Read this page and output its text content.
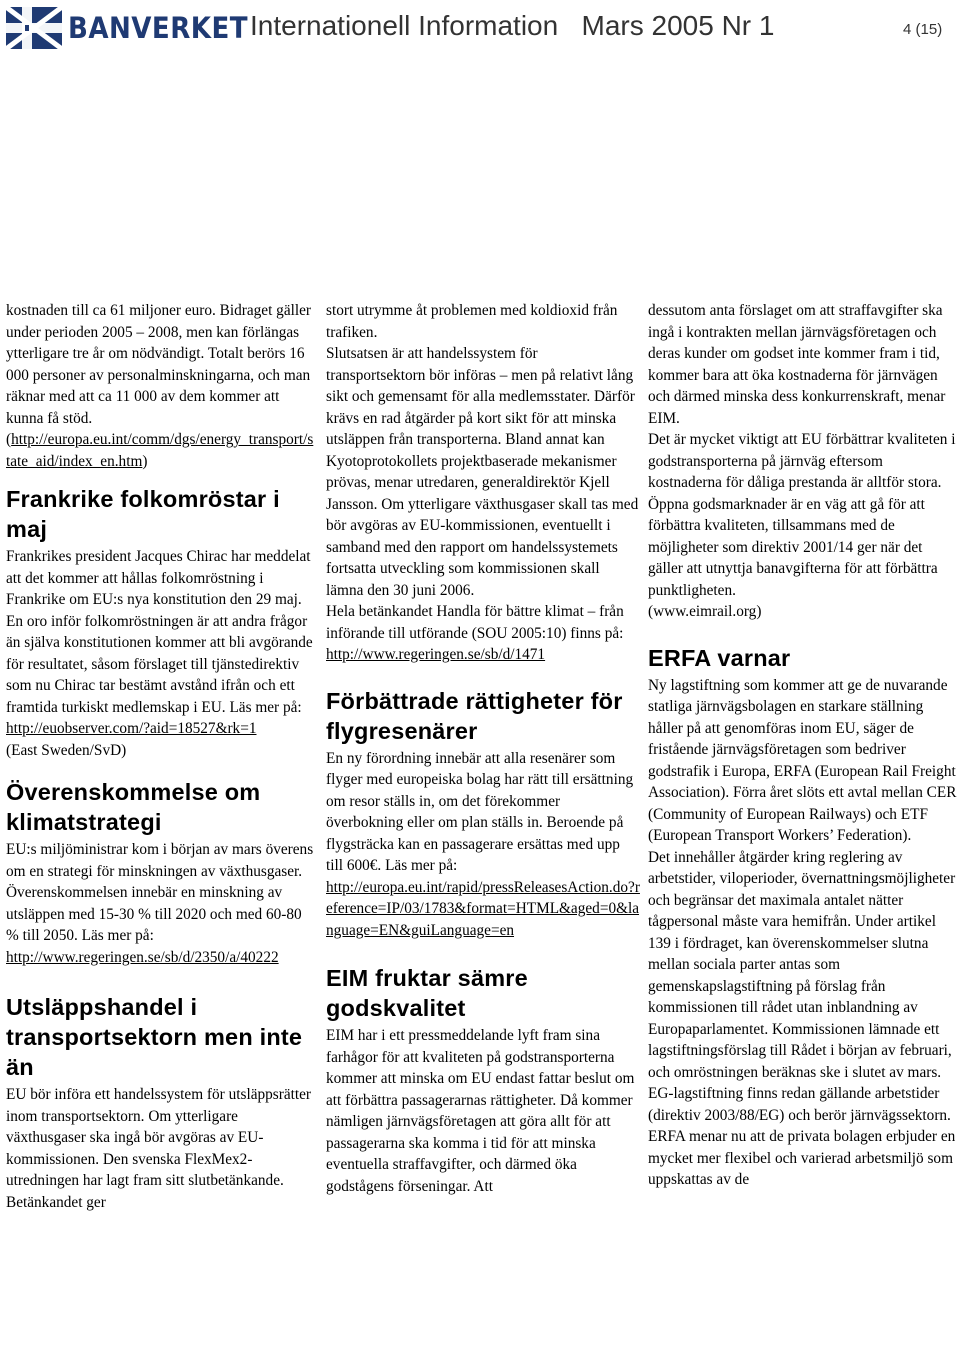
BANVERKET Internationell Information   Mars 2005 Nr 1	4 (15)

kostnaden till ca 61 miljoner euro. Bidraget gäller under perioden 2005 – 2008, men kan förlängas ytterligare tre år om nödvändigt. Totalt berörs 16 000 personer av personalminskningarna, och man räknar med att ca 11 000 av dem kommer att kunna få stöd.
(http://europa.eu.int/comm/dgs/energy_transport/state_aid/index_en.htm)

Frankrike folkomröstar i maj

Frankrikes president Jacques Chirac har meddelat att det kommer att hållas folkomröstning i Frankrike om EU:s nya konstitution den 29 maj. En oro inför folkomröstningen är att andra frågor än själva konstitutionen kommer att bli avgörande för resultatet, såsom förslaget till tjänstedirektiv som nu Chirac tar bestämt avstånd ifrån och ett framtida turkiskt medlemskap i EU. Läs mer på:

http://euobserver.com/?aid=18527&rk=1

(East Sweden/SvD)

Överenskommelse om klimatstrategi

EU:s miljöministrar kom i början av mars överens om en strategi för minskningen av växthusgaser. Överenskommelsen innebär en minskning av utsläppen med 15-30 % till 2020 och med 60-80 % till 2050. Läs mer på:

http://www.regeringen.se/sb/d/2350/a/40222

Utsläppshandel i transportsektorn men inte än

EU bör införa ett handelssystem för utsläppsrätter inom transportsektorn. Om ytterligare växthusgaser ska ingå bör avgöras av EU-kommissionen. Den svenska FlexMex2-utredningen har lagt fram sitt slutbetänkande. Betänkandet ger

stort utrymme åt problemen med koldioxid från trafiken.

Slutsatsen är att handelssystem för transportsektorn bör införas – men på relativt lång sikt och gemensamt för alla medlemsstater. Därför krävs en rad åtgärder på kort sikt för att minska utsläppen från transporterna. Bland annat kan Kyotoprotokollets projektbaserade mekanismer prövas, menar utredaren, generaldirektör Kjell Jansson. Om ytterligare växthusgaser skall tas med bör avgöras av EU-kommissionen, eventuellt i samband med den rapport om handelssystemets fortsatta utveckling som kommissionen skall lämna den 30 juni 2006.

Hela betänkandet Handla för bättre klimat – från införande till utförande (SOU 2005:10) finns på:

http://www.regeringen.se/sb/d/1471

Förbättrade rättigheter för flygresenärer

En ny förordning innebär att alla resenärer som flyger med europeiska bolag har rätt till ersättning om resor ställs in, om det förekommer överbokning eller om plan ställs in. Beroende på flygsträcka kan en passagerare ersättas med upp till 600€. Läs mer på:

http://europa.eu.int/rapid/pressReleasesAction.do?reference=IP/03/1783&format=HTML&aged=0&language=EN&guiLanguage=en

EIM fruktar sämre godskvalitet

EIM har i ett pressmeddelande lyft fram sina farhågor för att kvaliteten på godstransporterna kommer att minska om EU endast fattar beslut om att förbättra passagerarnas rättigheter. Då kommer nämligen järnvägsföretagen att göra allt för att passagerarna ska komma i tid för att minska eventuella straffavgifter, och därmed öka godstågens förseningar. Att

dessutom anta förslaget om att straffavgifter ska ingå i kontrakten mellan järnvägsföretagen och deras kunder om godset inte kommer fram i tid, kommer bara att öka kostnaderna för järnvägen och därmed minska dess konkurrenskraft, menar EIM.

Det är mycket viktigt att EU förbättrar kvaliteten i godstransporterna på järnväg eftersom kostnaderna för dåliga prestanda är alltför stora. Öppna godsmarknader är en väg att gå för att förbättra kvaliteten, tillsammans med de möjligheter som direktiv 2001/14 ger när det gäller att utnyttja banavgifterna för att förbättra punktligheten.

(www.eimrail.org)

ERFA varnar

Ny lagstiftning som kommer att ge de nuvarande statliga järnvägsbolagen en starkare ställning håller på att genomföras inom EU, säger de fristående järnvägsföretagen som bedriver godstrafik i Europa, ERFA (European Rail Freight Association). Förra året slöts ett avtal mellan CER (Community of European Railways) och ETF (European Transport Workers’ Federation).

Det innehåller åtgärder kring reglering av arbetstider, viloperioder, övernattningsmöjligheter och begränsar det maximala antalet nätter tågpersonal måste vara hemifrån. Under artikel 139 i fördraget, kan överenskommelser slutna mellan sociala parter antas som gemenskapslagstiftning på förslag från kommissionen till rådet utan inblandning av Europaparlamentet. Kommissionen lämnade ett lagstiftningsförslag till Rådet i början av februari, och omröstningen beräknas ske i slutet av mars. EG-lagstiftning finns redan gällande arbetstider (direktiv 2003/88/EG) och berör järnvägssektorn.

ERFA menar nu att de privata bolagen erbjuder en mycket mer flexibel och varierad arbetsmiljö som uppskattas av de
